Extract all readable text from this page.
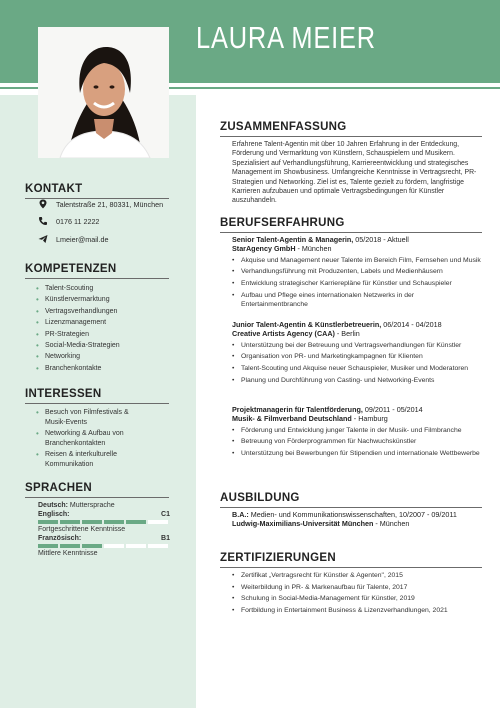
LAURA MEIER
KONTAKT
Talentstraße 21, 80331, München
0176 11 2222
Lmeier@mail.de
KOMPETENZEN
• Talent-Scouting
• Künstlervermarktung
• Vertragsverhandlungen
• Lizenzmanagement
• PR-Strategien
• Social-Media-Strategien
• Networking
• Branchenkontakte
INTERESSEN
• Besuch von Filmfestivals & Musik-Events
• Networking & Aufbau von Branchenkontakten
• Reisen & interkulturelle Kommunikation
SPRACHEN
Deutsch: Muttersprache
Englisch:	C1
Fortgeschrittene Kenntnisse
Französisch:	B1
Mittlere Kenntnisse
ZUSAMMENFASSUNG
Erfahrene Talent-Agentin mit über 10 Jahren Erfahrung in der Entdeckung, Förderung und Vermarktung von Künstlern, Schauspielern und Musikern. Spezialisiert auf Verhandlungsführung, Karriereentwicklung und strategisches Management im Showbusiness. Umfangreiche Kenntnisse in Vertragsrecht, PR-Strategien und Networking. Ziel ist es, Talente gezielt zu fördern, langfristige Karrieren aufzubauen und optimale Vertragsbedingungen für Künstler auszuhandeln.
BERUFSERFAHRUNG
Senior Talent-Agentin & Managerin, 05/2018 - Aktuell
StarAgency GmbH - München
• Akquise und Management neuer Talente im Bereich Film, Fernsehen und Musik
• Verhandlungsführung mit Produzenten, Labels und Medienhäusern
• Entwicklung strategischer Karrierepläne für Künstler und Schauspieler
• Aufbau und Pflege eines internationalen Netzwerks in der Entertainmentbranche
Junior Talent-Agentin & Künstlerbetreuerin, 06/2014 - 04/2018
Creative Artists Agency (CAA) - Berlin
• Unterstützung bei der Betreuung und Vertragsverhandlungen für Künstler
• Organisation von PR- und Marketingkampagnen für Klienten
• Talent-Scouting und Akquise neuer Schauspieler, Musiker und Moderatoren
• Planung und Durchführung von Casting- und Networking-Events
Projektmanagerin für Talentförderung, 09/2011 - 05/2014
Musik- & Filmverband Deutschland - Hamburg
• Förderung und Entwicklung junger Talente in der Musik- und Filmbranche
• Betreuung von Förderprogrammen für Nachwuchskünstler
• Unterstützung bei Bewerbungen für Stipendien und internationale Wettbewerbe
AUSBILDUNG
B.A.: Medien- und Kommunikationswissenschaften, 10/2007 - 09/2011
Ludwig-Maximilians-Universität München - München
ZERTIFIZIERUNGEN
• Zertifikat „Vertragsrecht für Künstler & Agenten", 2015
• Weiterbildung in PR- & Markenaufbau für Talente, 2017
• Schulung in Social-Media-Management für Künstler, 2019
• Fortbildung in Entertainment Business & Lizenzverhandlungen, 2021
